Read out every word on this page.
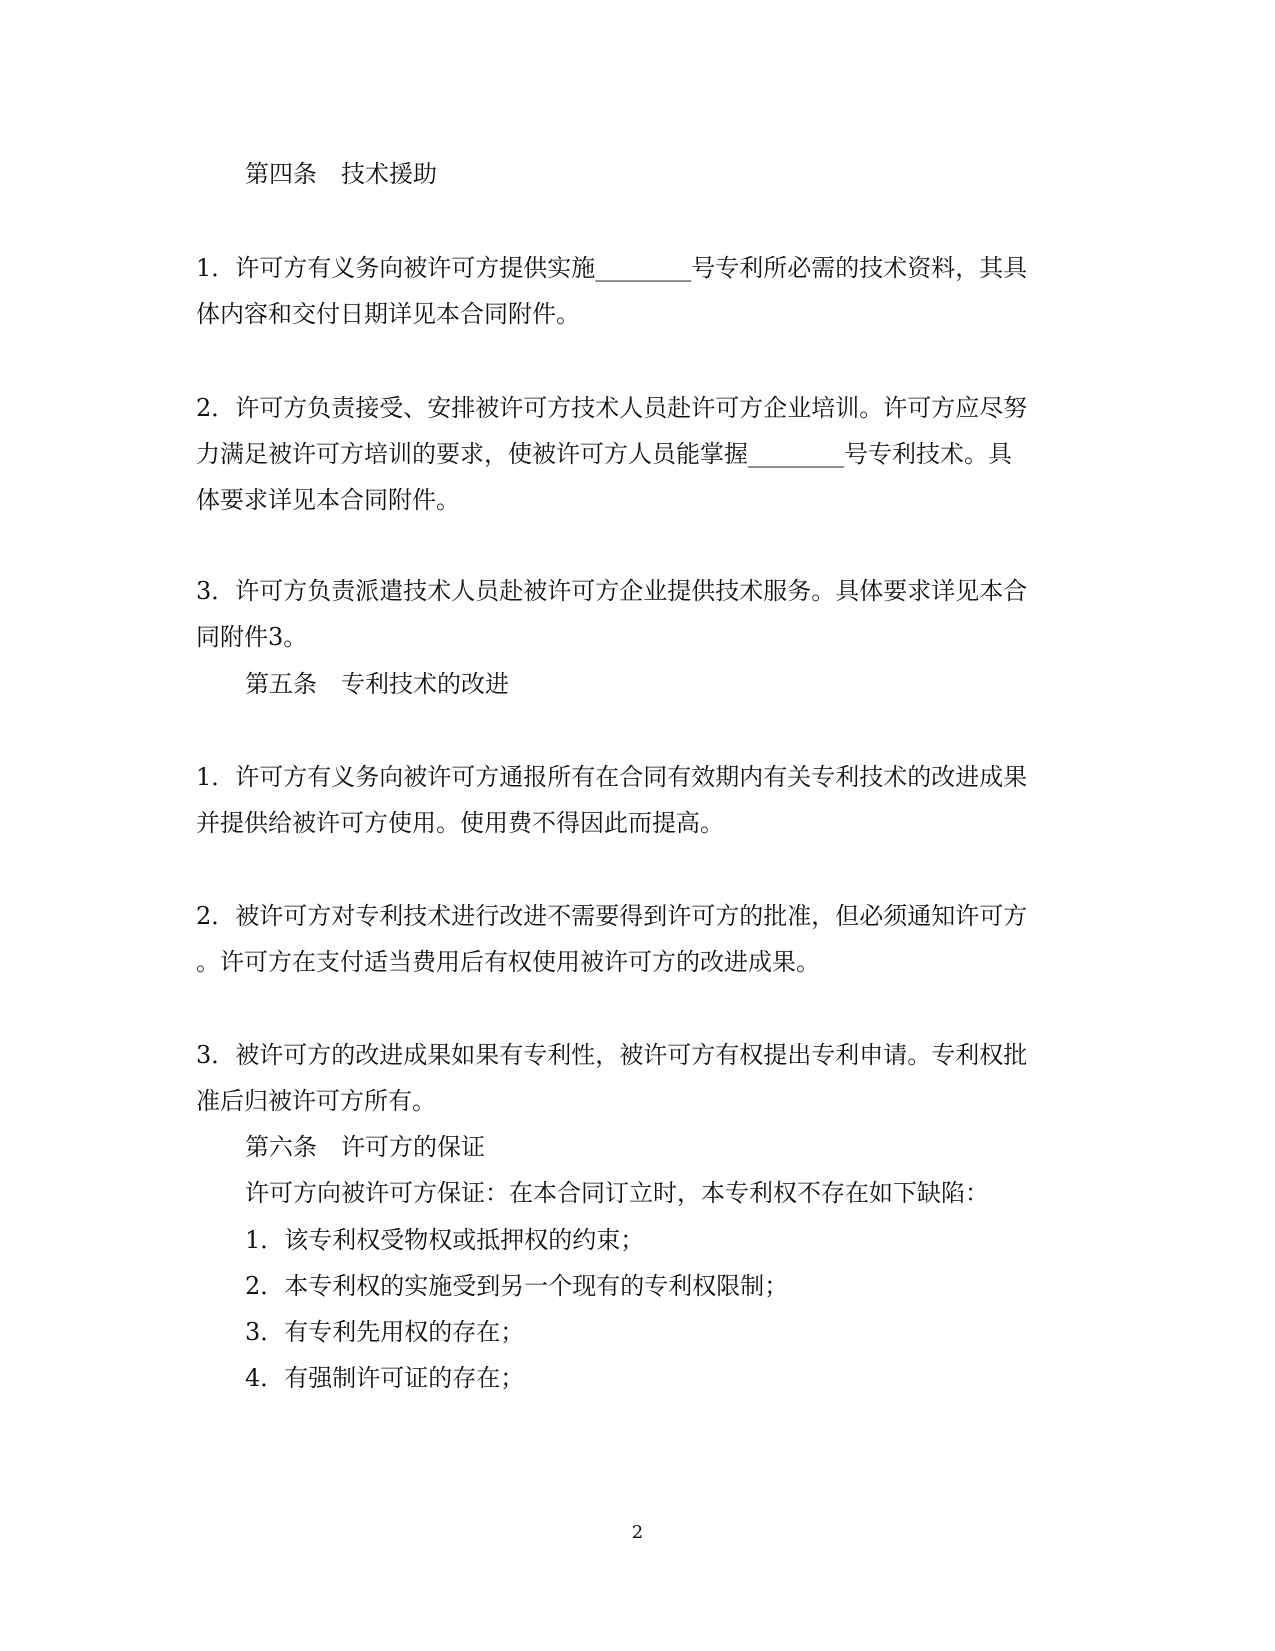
第四条　技术援助

1．许可方有义务向被许可方提供实施________号专利所必需的技术资料，其具

体内容和交付日期详见本合同附件。

2．许可方负责接受、安排被许可方技术人员赴许可方企业培训。许可方应尽努

力满足被许可方培训的要求，使被许可方人员能掌握________号专利技术。具

体要求详见本合同附件。

3．许可方负责派遣技术人员赴被许可方企业提供技术服务。具体要求详见本合

同附件3。

第五条　专利技术的改进

1．许可方有义务向被许可方通报所有在合同有效期内有关专利技术的改进成果

并提供给被许可方使用。使用费不得因此而提高。

2．被许可方对专利技术进行改进不需要得到许可方的批准，但必须通知许可方

。许可方在支付适当费用后有权使用被许可方的改进成果。

3．被许可方的改进成果如果有专利性，被许可方有权提出专利申请。专利权批

准后归被许可方所有。

第六条　许可方的保证

许可方向被许可方保证：在本合同订立时，本专利权不存在如下缺陷：

1．该专利权受物权或抵押权的约束；

2．本专利权的实施受到另一个现有的专利权限制；

3．有专利先用权的存在；

4．有强制许可证的存在；

2
